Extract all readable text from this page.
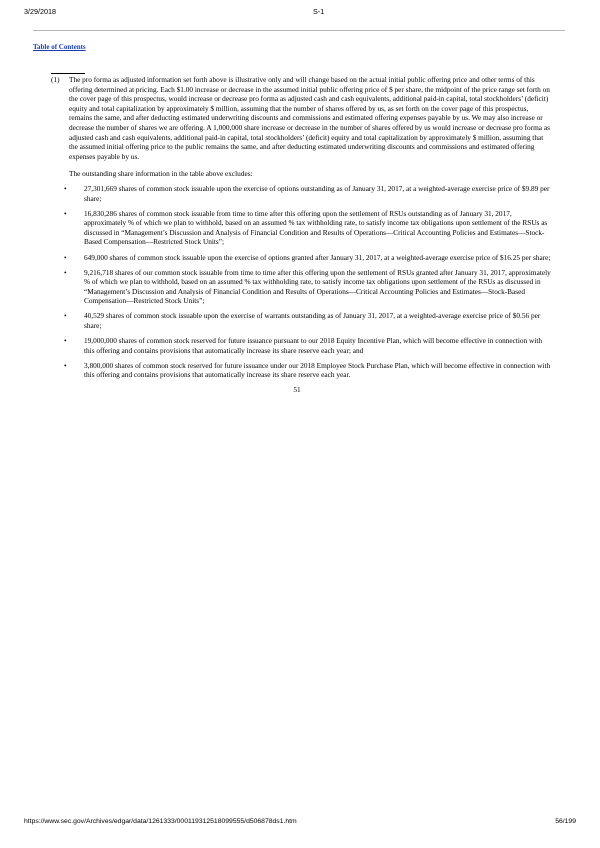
3/29/2018	S-1
Table of Contents
(1)	The pro forma as adjusted information set forth above is illustrative only and will change based on the actual initial public offering price and other terms of this offering determined at pricing. Each $1.00 increase or decrease in the assumed initial public offering price of $ per share, the midpoint of the price range set forth on the cover page of this prospectus, would increase or decrease pro forma as adjusted cash and cash equivalents, additional paid-in capital, total stockholders’ (deficit) equity and total capitalization by approximately $ million, assuming that the number of shares offered by us, as set forth on the cover page of this prospectus, remains the same, and after deducting estimated underwriting discounts and commissions and estimated offering expenses payable by us. We may also increase or decrease the number of shares we are offering. A 1,000,000 share increase or decrease in the number of shares offered by us would increase or decrease pro forma as adjusted cash and cash equivalents, additional paid-in capital, total stockholders’ (deficit) equity and total capitalization by approximately $ million, assuming that the assumed initial offering price to the public remains the same, and after deducting estimated underwriting discounts and commissions and estimated offering expenses payable by us.
The outstanding share information in the table above excludes:
•	27,301,669 shares of common stock issuable upon the exercise of options outstanding as of January 31, 2017, at a weighted-average exercise price of $9.89 per share;
•	16,830,286 shares of common stock issuable from time to time after this offering upon the settlement of RSUs outstanding as of January 31, 2017, approximately % of which we plan to withhold, based on an assumed % tax withholding rate, to satisfy income tax obligations upon settlement of the RSUs as discussed in “Management’s Discussion and Analysis of Financial Condition and Results of Operations—Critical Accounting Policies and Estimates—Stock-Based Compensation—Restricted Stock Units”;
•	649,000 shares of common stock issuable upon the exercise of options granted after January 31, 2017, at a weighted-average exercise price of $16.25 per share;
•	9,216,718 shares of our common stock issuable from time to time after this offering upon the settlement of RSUs granted after January 31, 2017, approximately % of which we plan to withhold, based on an assumed % tax withholding rate, to satisfy income tax obligations upon settlement of the RSUs as discussed in “Management’s Discussion and Analysis of Financial Condition and Results of Operations—Critical Accounting Policies and Estimates—Stock-Based Compensation—Restricted Stock Units”;
•	40,529 shares of common stock issuable upon the exercise of warrants outstanding as of January 31, 2017, at a weighted-average exercise price of $0.56 per share;
•	19,000,000 shares of common stock reserved for future issuance pursuant to our 2018 Equity Incentive Plan, which will become effective in connection with this offering and contains provisions that automatically increase its share reserve each year; and
•	3,800,000 shares of common stock reserved for future issuance under our 2018 Employee Stock Purchase Plan, which will become effective in connection with this offering and contains provisions that automatically increase its share reserve each year.
51
https://www.sec.gov/Archives/edgar/data/1261333/000119312518099555/d506878ds1.htm	56/199
